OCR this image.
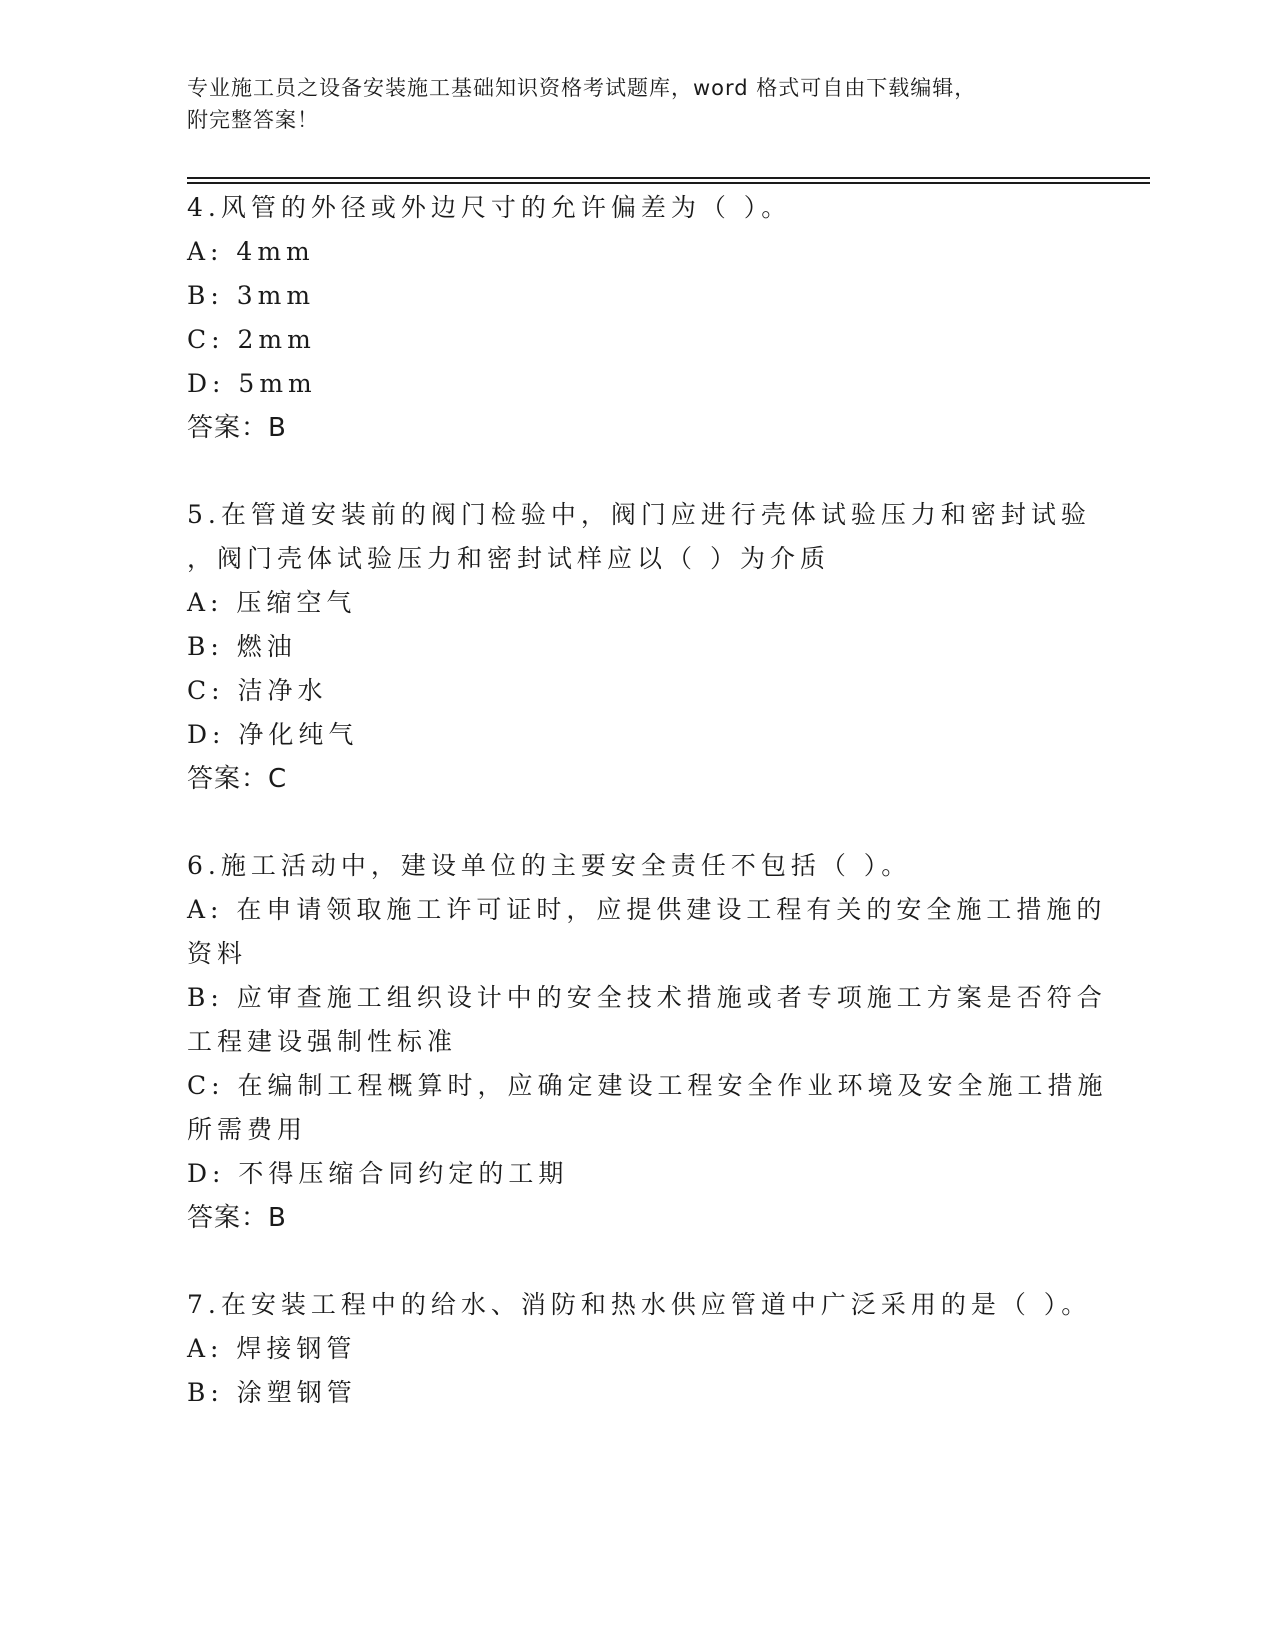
专业施工员之设备安装施工基础知识资格考试题库，word 格式可自由下载编辑，
附完整答案！
4.风管的外径或外边尺寸的允许偏差为（ ）。
A: 4mm
B: 3mm
C: 2mm
D: 5mm
答案：B
5.在管道安装前的阀门检验中，阀门应进行壳体试验压力和密封试验
，阀门壳体试验压力和密封试样应以（ ）为介质
A: 压缩空气
B: 燃油
C: 洁净水
D: 净化纯气
答案：C
6.施工活动中，建设单位的主要安全责任不包括（ ）。
A: 在申请领取施工许可证时，应提供建设工程有关的安全施工措施的
资料
B: 应审查施工组织设计中的安全技术措施或者专项施工方案是否符合
工程建设强制性标准
C: 在编制工程概算时，应确定建设工程安全作业环境及安全施工措施
所需费用
D: 不得压缩合同约定的工期
答案：B
7.在安装工程中的给水、消防和热水供应管道中广泛采用的是（ ）。
A: 焊接钢管
B: 涂塑钢管
